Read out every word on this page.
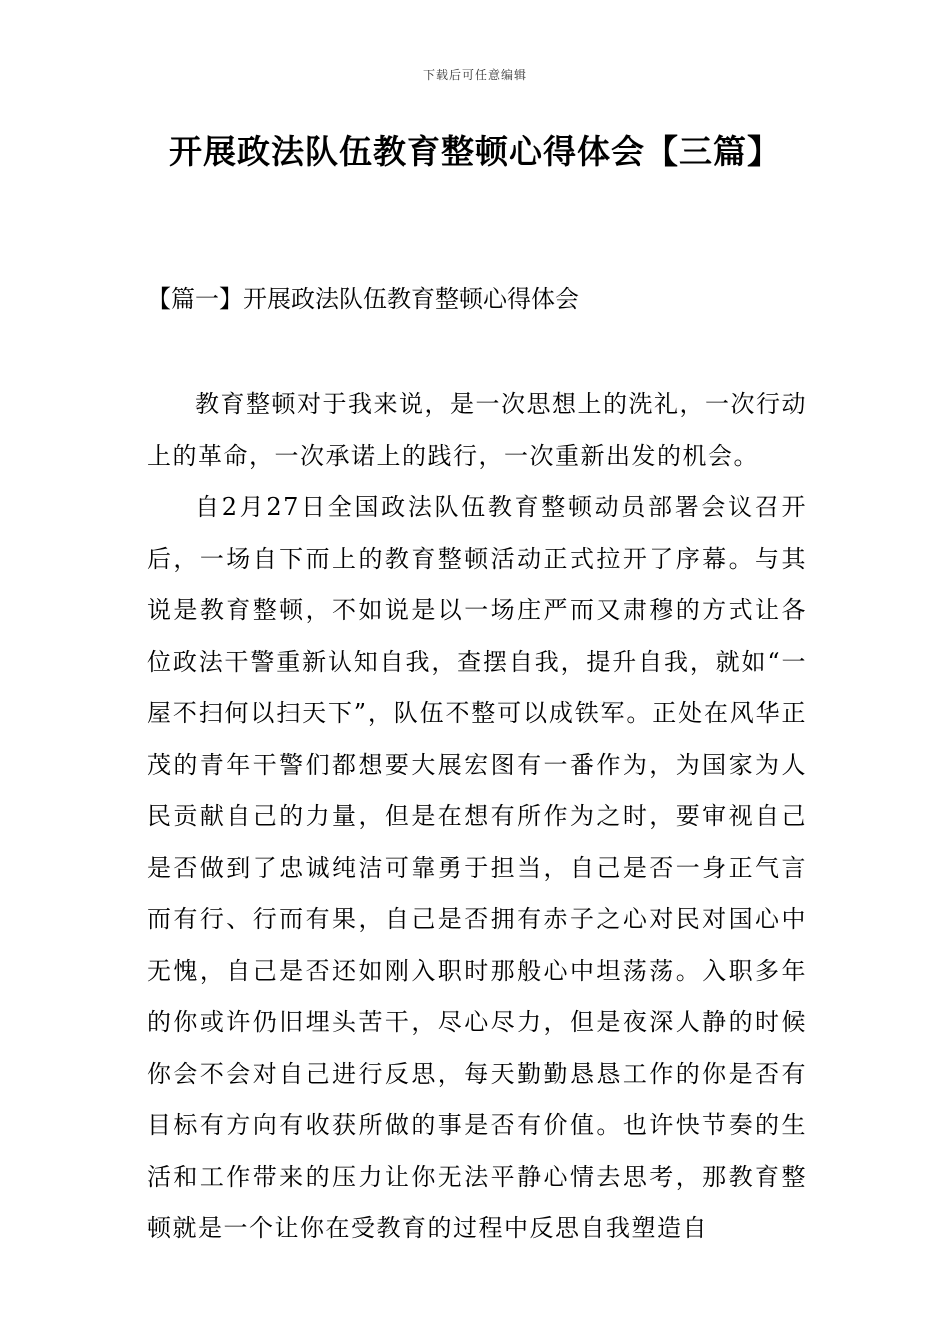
下载后可任意编辑
开展政法队伍教育整顿心得体会【三篇】
【篇一】开展政法队伍教育整顿心得体会

教育整顿对于我来说，是一次思想上的洗礼，一次行动上的革命，一次承诺上的践行，一次重新出发的机会。

自2月27日全国政法队伍教育整顿动员部署会议召开后，一场自下而上的教育整顿活动正式拉开了序幕。与其说是教育整顿，不如说是以一场庄严而又肃穆的方式让各位政法干警重新认知自我，查摆自我，提升自我，就如“一屋不扫何以扫天下”，队伍不整可以成铁军。正处在风华正茂的青年干警们都想要大展宏图有一番作为，为国家为人民贡献自己的力量，但是在想有所作为之时，要审视自己是否做到了忠诚纯洁可靠勇于担当，自己是否一身正气言而有行、行而有果，自己是否拥有赤子之心对民对国心中无愧，自己是否还如刚入职时那般心中坦荡荡。入职多年的你或许仍旧埋头苦干，尽心尽力，但是夜深人静的时候你会不会对自己进行反思，每天勤勤恳恳工作的你是否有目标有方向有收获所做的事是否有价值。也许快节奏的生活和工作带来的压力让你无法平静心情去思考，那教育整顿就是一个让你在受教育的过程中反思自我塑造自
